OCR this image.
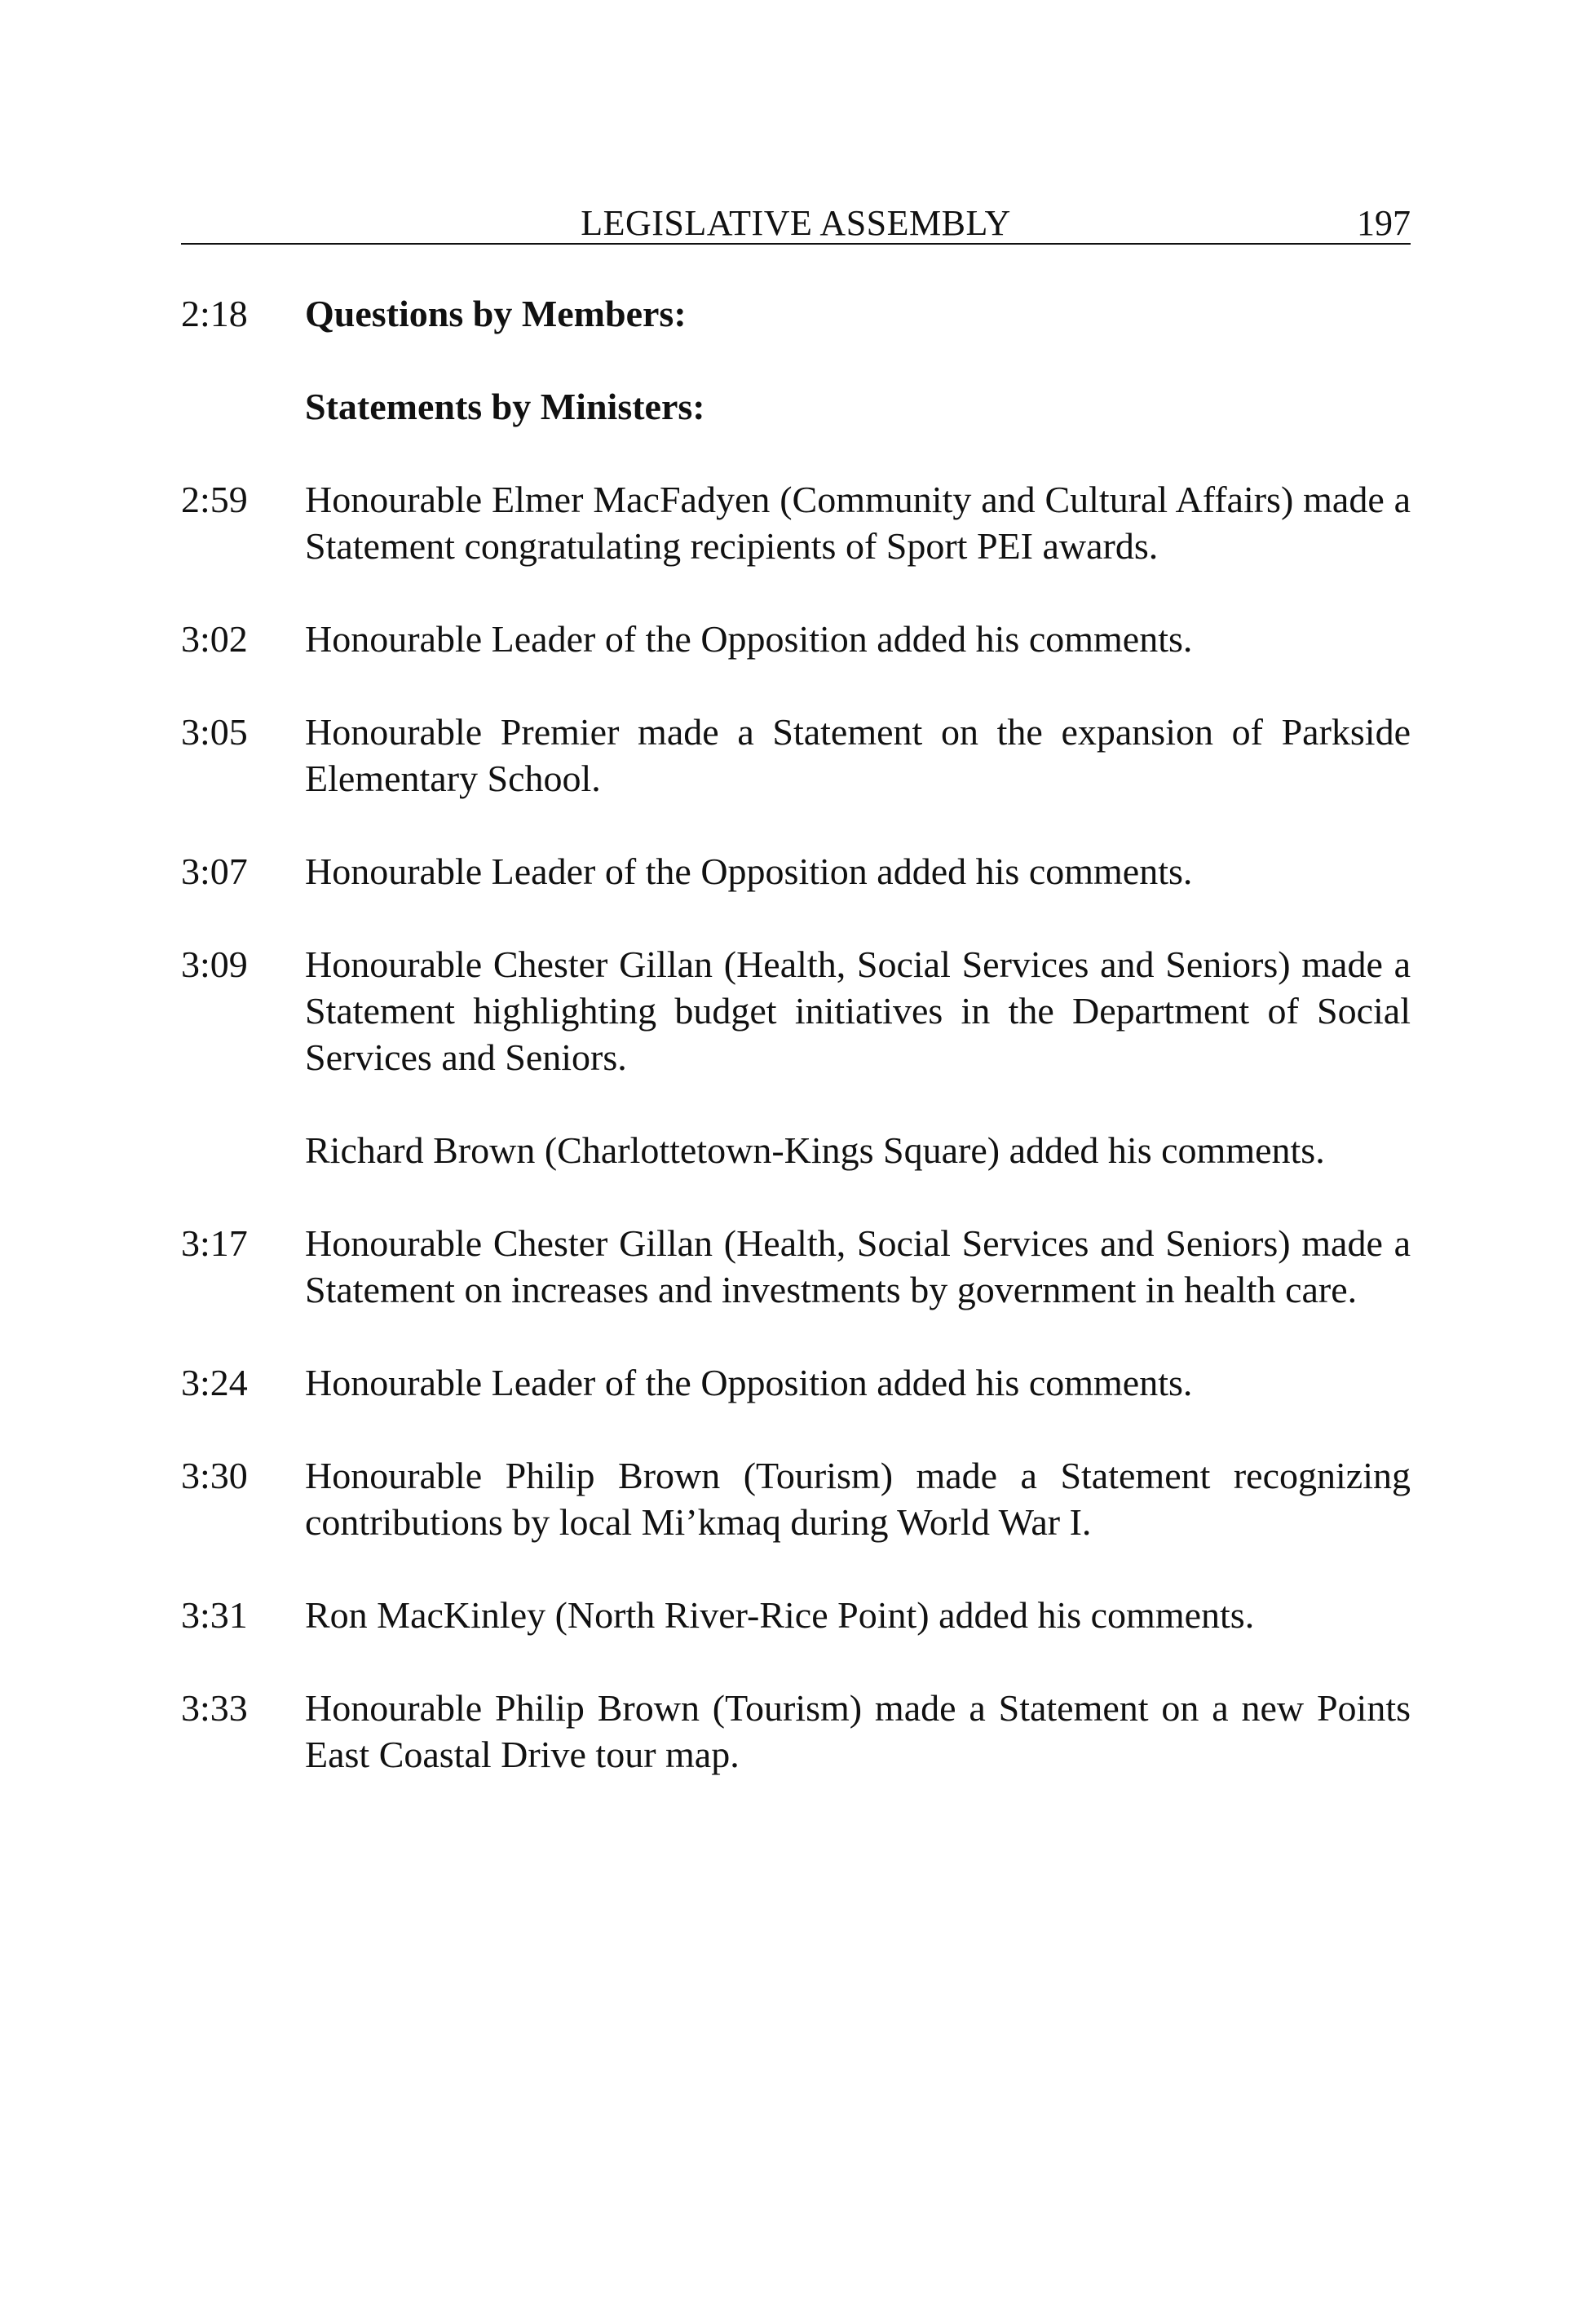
LEGISLATIVE ASSEMBLY	197
2:18	Questions by Members:
Statements by Ministers:
2:59	Honourable Elmer MacFadyen (Community and Cultural Affairs) made a Statement congratulating recipients of Sport PEI awards.
3:02	Honourable Leader of the Opposition added his comments.
3:05	Honourable Premier made a Statement on the expansion of Parkside Elementary School.
3:07	Honourable Leader of the Opposition added his comments.
3:09	Honourable Chester Gillan (Health, Social Services and Seniors) made a Statement highlighting budget initiatives in the Department of Social Services and Seniors.
Richard Brown (Charlottetown-Kings Square) added his comments.
3:17	Honourable Chester Gillan (Health, Social Services and Seniors) made a Statement on increases and investments by government in health care.
3:24	Honourable Leader of the Opposition added his comments.
3:30	Honourable Philip Brown (Tourism) made a Statement recognizing contributions by local Mi’kmaq during World War I.
3:31	Ron MacKinley (North River-Rice Point) added his comments.
3:33	Honourable Philip Brown (Tourism) made a Statement on a new Points East Coastal Drive tour map.
